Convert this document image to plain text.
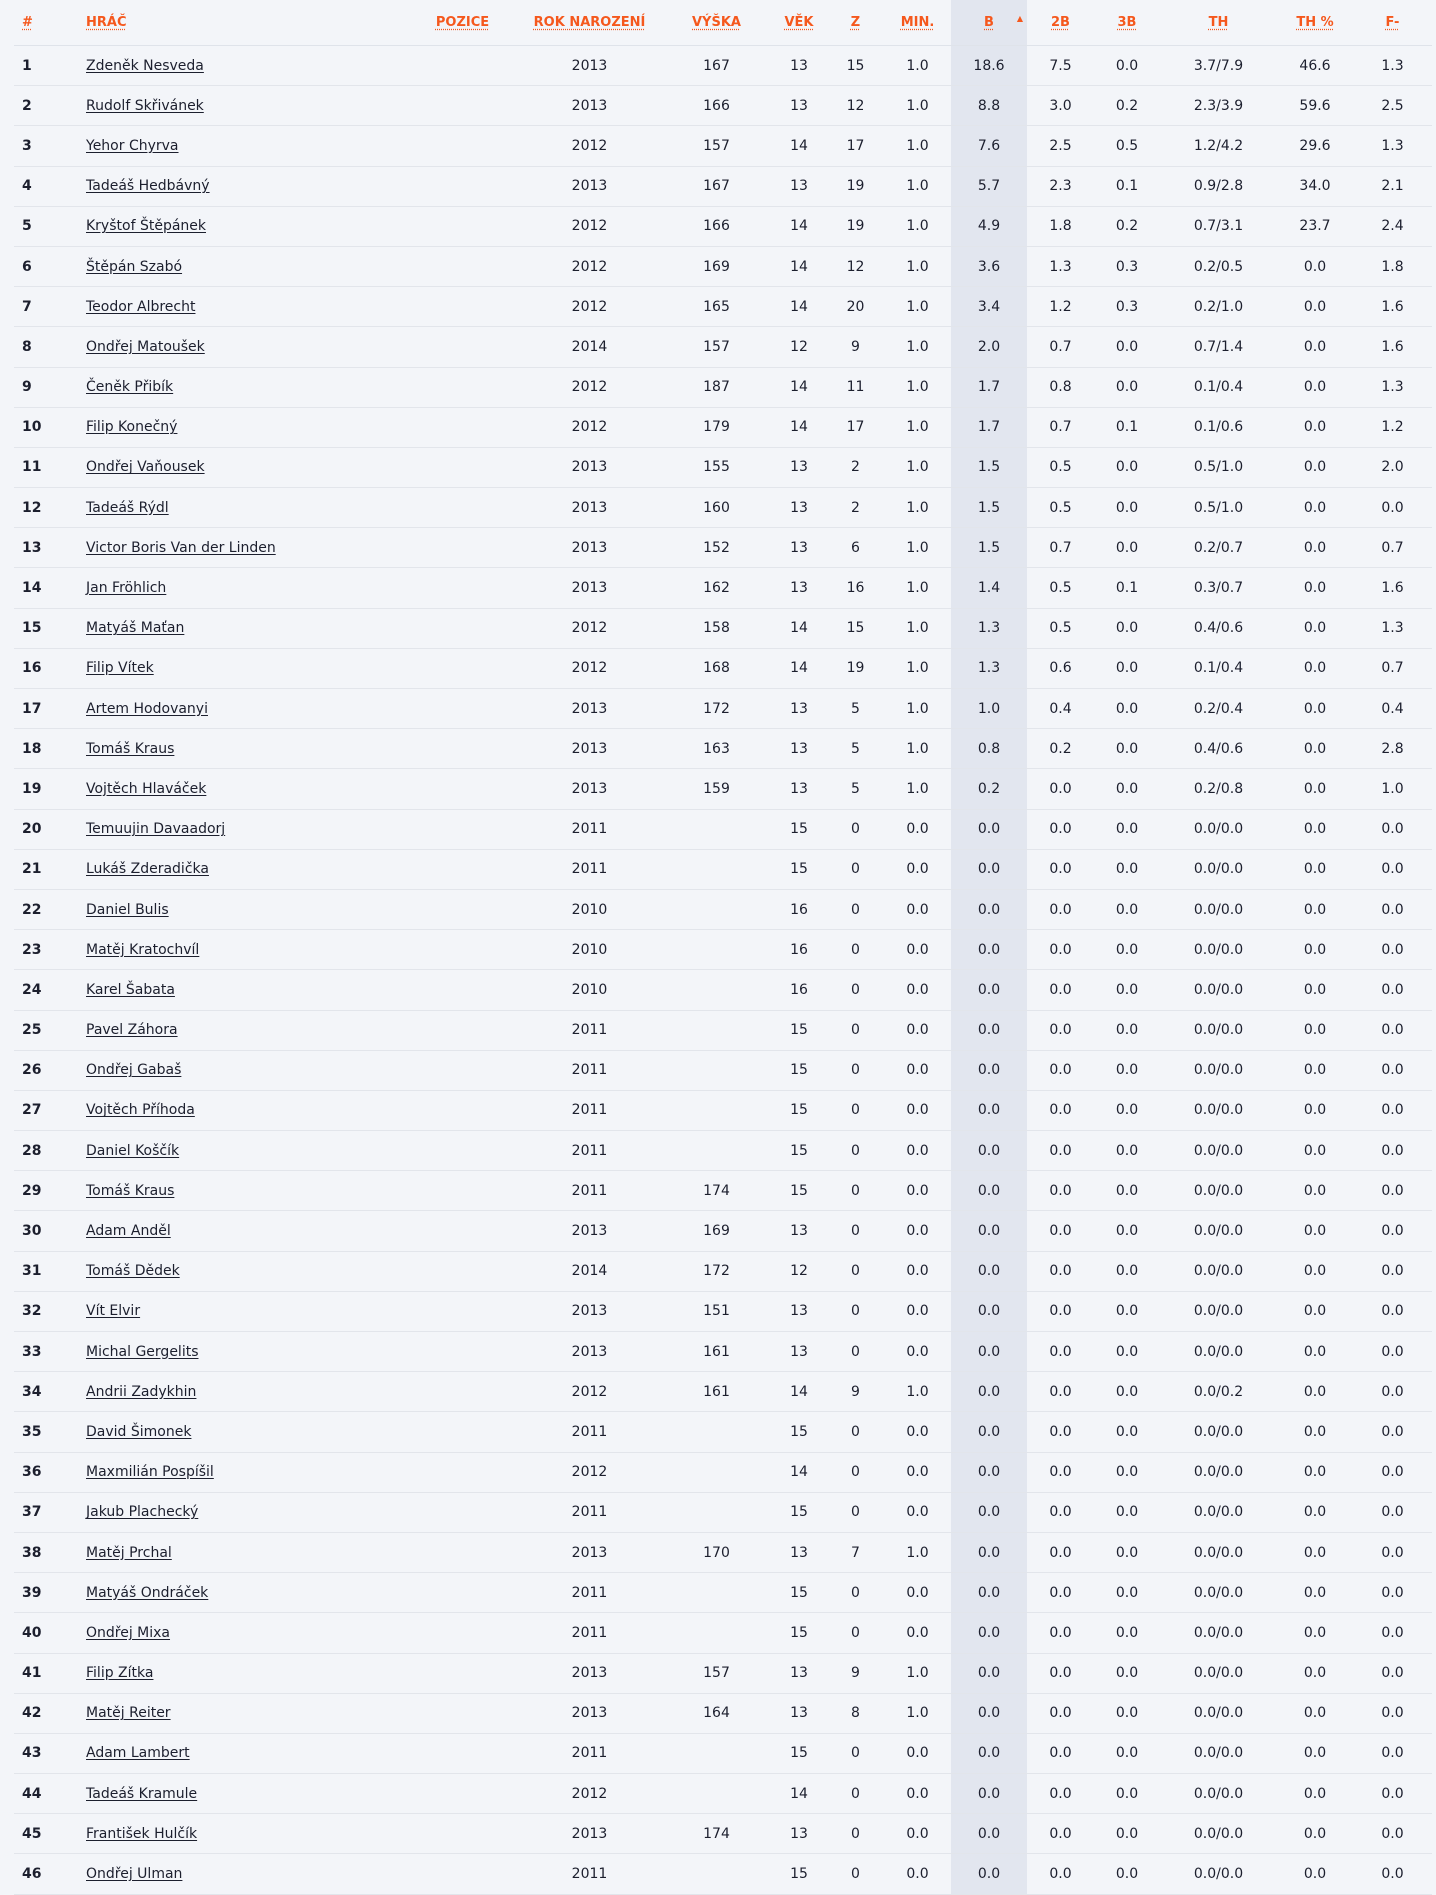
#	HRÁČ	POZICE	ROK NAROZENÍ	VÝŠKA	VĚK	Z	MIN.	B ▲	2B	3B	TH	TH %	F-
1	Zdeněk Nesveda		2013	167	13	15	1.0	18.6	7.5	0.0	3.7/7.9	46.6	1.3
2	Rudolf Skřivánek		2013	166	13	12	1.0	8.8	3.0	0.2	2.3/3.9	59.6	2.5
3	Yehor Chyrva		2012	157	14	17	1.0	7.6	2.5	0.5	1.2/4.2	29.6	1.3
4	Tadeáš Hedbávný		2013	167	13	19	1.0	5.7	2.3	0.1	0.9/2.8	34.0	2.1
5	Kryštof Štěpánek		2012	166	14	19	1.0	4.9	1.8	0.2	0.7/3.1	23.7	2.4
6	Štěpán Szabó		2012	169	14	12	1.0	3.6	1.3	0.3	0.2/0.5	0.0	1.8
7	Teodor Albrecht		2012	165	14	20	1.0	3.4	1.2	0.3	0.2/1.0	0.0	1.6
8	Ondřej Matoušek		2014	157	12	9	1.0	2.0	0.7	0.0	0.7/1.4	0.0	1.6
9	Čeněk Přibík		2012	187	14	11	1.0	1.7	0.8	0.0	0.1/0.4	0.0	1.3
10	Filip Konečný		2012	179	14	17	1.0	1.7	0.7	0.1	0.1/0.6	0.0	1.2
11	Ondřej Vaňousek		2013	155	13	2	1.0	1.5	0.5	0.0	0.5/1.0	0.0	2.0
12	Tadeáš Rýdl		2013	160	13	2	1.0	1.5	0.5	0.0	0.5/1.0	0.0	0.0
13	Victor Boris Van der Linden		2013	152	13	6	1.0	1.5	0.7	0.0	0.2/0.7	0.0	0.7
14	Jan Fröhlich		2013	162	13	16	1.0	1.4	0.5	0.1	0.3/0.7	0.0	1.6
15	Matyáš Maťan		2012	158	14	15	1.0	1.3	0.5	0.0	0.4/0.6	0.0	1.3
16	Filip Vítek		2012	168	14	19	1.0	1.3	0.6	0.0	0.1/0.4	0.0	0.7
17	Artem Hodovanyi		2013	172	13	5	1.0	1.0	0.4	0.0	0.2/0.4	0.0	0.4
18	Tomáš Kraus		2013	163	13	5	1.0	0.8	0.2	0.0	0.4/0.6	0.0	2.8
19	Vojtěch Hlaváček		2013	159	13	5	1.0	0.2	0.0	0.0	0.2/0.8	0.0	1.0
20	Temuujin Davaadorj		2011		15	0	0.0	0.0	0.0	0.0	0.0/0.0	0.0	0.0
21	Lukáš Zderadička		2011		15	0	0.0	0.0	0.0	0.0	0.0/0.0	0.0	0.0
22	Daniel Bulis		2010		16	0	0.0	0.0	0.0	0.0	0.0/0.0	0.0	0.0
23	Matěj Kratochvíl		2010		16	0	0.0	0.0	0.0	0.0	0.0/0.0	0.0	0.0
24	Karel Šabata		2010		16	0	0.0	0.0	0.0	0.0	0.0/0.0	0.0	0.0
25	Pavel Záhora		2011		15	0	0.0	0.0	0.0	0.0	0.0/0.0	0.0	0.0
26	Ondřej Gabaš		2011		15	0	0.0	0.0	0.0	0.0	0.0/0.0	0.0	0.0
27	Vojtěch Příhoda		2011		15	0	0.0	0.0	0.0	0.0	0.0/0.0	0.0	0.0
28	Daniel Koščík		2011		15	0	0.0	0.0	0.0	0.0	0.0/0.0	0.0	0.0
29	Tomáš Kraus		2011	174	15	0	0.0	0.0	0.0	0.0	0.0/0.0	0.0	0.0
30	Adam Anděl		2013	169	13	0	0.0	0.0	0.0	0.0	0.0/0.0	0.0	0.0
31	Tomáš Dědek		2014	172	12	0	0.0	0.0	0.0	0.0	0.0/0.0	0.0	0.0
32	Vít Elvir		2013	151	13	0	0.0	0.0	0.0	0.0	0.0/0.0	0.0	0.0
33	Michal Gergelits		2013	161	13	0	0.0	0.0	0.0	0.0	0.0/0.0	0.0	0.0
34	Andrii Zadykhin		2012	161	14	9	1.0	0.0	0.0	0.0	0.0/0.2	0.0	0.0
35	David Šimonek		2011		15	0	0.0	0.0	0.0	0.0	0.0/0.0	0.0	0.0
36	Maxmilián Pospíšil		2012		14	0	0.0	0.0	0.0	0.0	0.0/0.0	0.0	0.0
37	Jakub Plachecký		2011		15	0	0.0	0.0	0.0	0.0	0.0/0.0	0.0	0.0
38	Matěj Prchal		2013	170	13	7	1.0	0.0	0.0	0.0	0.0/0.0	0.0	0.0
39	Matyáš Ondráček		2011		15	0	0.0	0.0	0.0	0.0	0.0/0.0	0.0	0.0
40	Ondřej Mixa		2011		15	0	0.0	0.0	0.0	0.0	0.0/0.0	0.0	0.0
41	Filip Zítka		2013	157	13	9	1.0	0.0	0.0	0.0	0.0/0.0	0.0	0.0
42	Matěj Reiter		2013	164	13	8	1.0	0.0	0.0	0.0	0.0/0.0	0.0	0.0
43	Adam Lambert		2011		15	0	0.0	0.0	0.0	0.0	0.0/0.0	0.0	0.0
44	Tadeáš Kramule		2012		14	0	0.0	0.0	0.0	0.0	0.0/0.0	0.0	0.0
45	František Hulčík		2013	174	13	0	0.0	0.0	0.0	0.0	0.0/0.0	0.0	0.0
46	Ondřej Ulman		2011		15	0	0.0	0.0	0.0	0.0	0.0/0.0	0.0	0.0
